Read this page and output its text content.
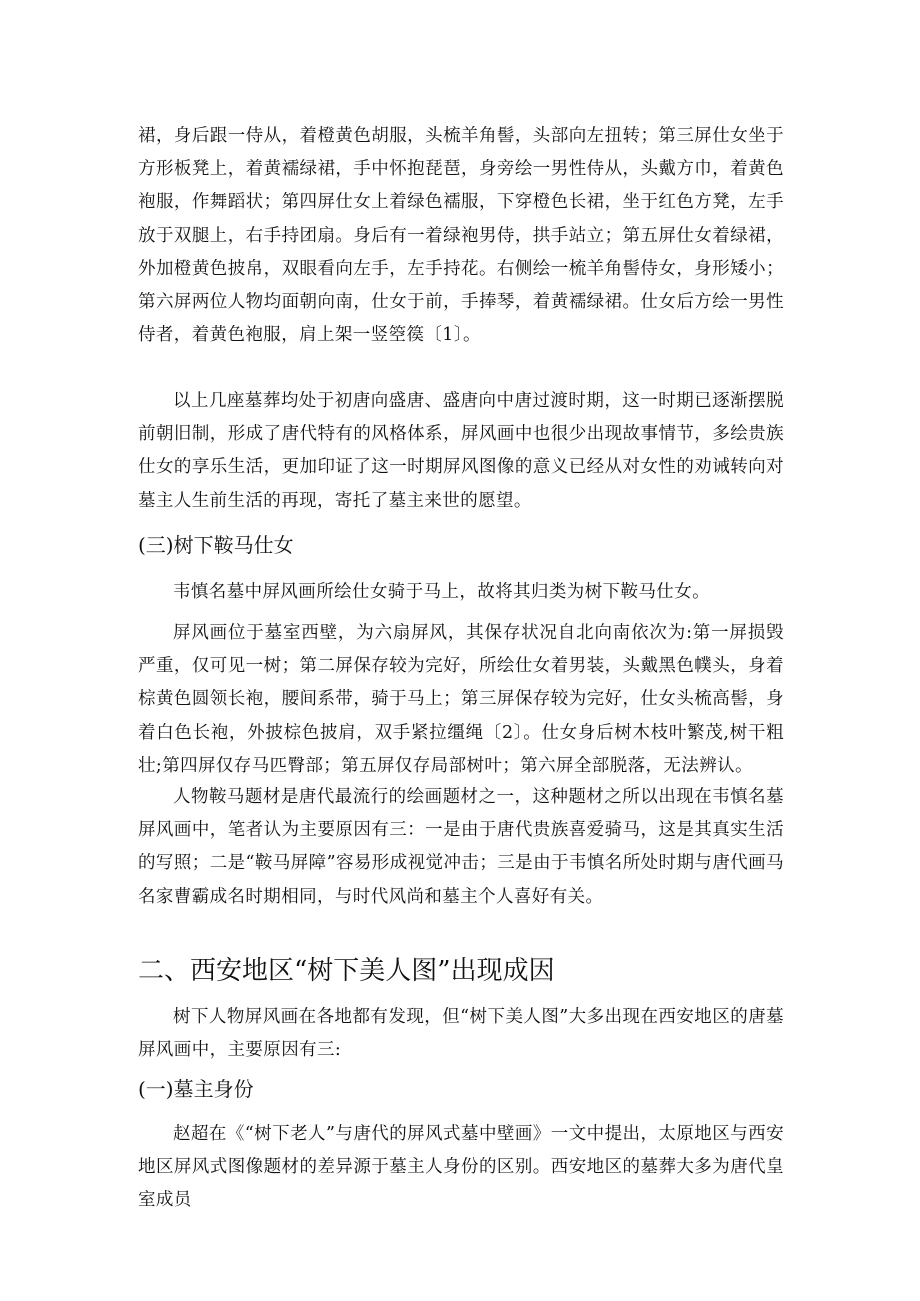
裙，身后跟一侍从，着橙黄色胡服，头梳羊角髻，头部向左扭转；第三屏仕女坐于方形板凳上，着黄襦绿裙，手中怀抱琵琶，身旁绘一男性侍从，头戴方巾，着黄色袍服，作舞蹈状；第四屏仕女上着绿色襦服，下穿橙色长裙，坐于红色方凳，左手放于双腿上，右手持团扇。身后有一着绿袍男侍，拱手站立；第五屏仕女着绿裙，外加橙黄色披帛，双眼看向左手，左手持花。右侧绘一梳羊角髻侍女，身形矮小；第六屏两位人物均面朝向南，仕女于前，手捧琴，着黄襦绿裙。仕女后方绘一男性侍者，着黄色袍服，肩上架一竖箜篌〔1〕。

以上几座墓葬均处于初唐向盛唐、盛唐向中唐过渡时期，这一时期已逐渐摆脱前朝旧制，形成了唐代特有的风格体系，屏风画中也很少出现故事情节，多绘贵族仕女的享乐生活，更加印证了这一时期屏风图像的意义已经从对女性的劝诫转向对墓主人生前生活的再现，寄托了墓主来世的愿望。

(三)树下鞍马仕女

韦慎名墓中屏风画所绘仕女骑于马上，故将其归类为树下鞍马仕女。

屏风画位于墓室西壁，为六扇屏风，其保存状况自北向南依次为:第一屏损毁严重，仅可见一树；第二屏保存较为完好，所绘仕女着男装，头戴黑色幞头，身着棕黄色圆领长袍，腰间系带，骑于马上；第三屏保存较为完好，仕女头梳高髻，身着白色长袍，外披棕色披肩，双手紧拉缰绳〔2〕。仕女身后树木枝叶繁茂,树干粗壮;第四屏仅存马匹臀部；第五屏仅存局部树叶；第六屏全部脱落，无法辨认。

人物鞍马题材是唐代最流行的绘画题材之一，这种题材之所以出现在韦慎名墓屏风画中，笔者认为主要原因有三：一是由于唐代贵族喜爱骑马，这是其真实生活的写照；二是“鞍马屏障”容易形成视觉冲击；三是由于韦慎名所处时期与唐代画马名家曹霸成名时期相同，与时代风尚和墓主个人喜好有关。

二、西安地区“树下美人图”出现成因

树下人物屏风画在各地都有发现，但“树下美人图”大多出现在西安地区的唐墓屏风画中，主要原因有三:

(一)墓主身份

赵超在《“树下老人”与唐代的屏风式墓中壁画》一文中提出，太原地区与西安地区屏风式图像题材的差异源于墓主人身份的区别。西安地区的墓葬大多为唐代皇室成员
